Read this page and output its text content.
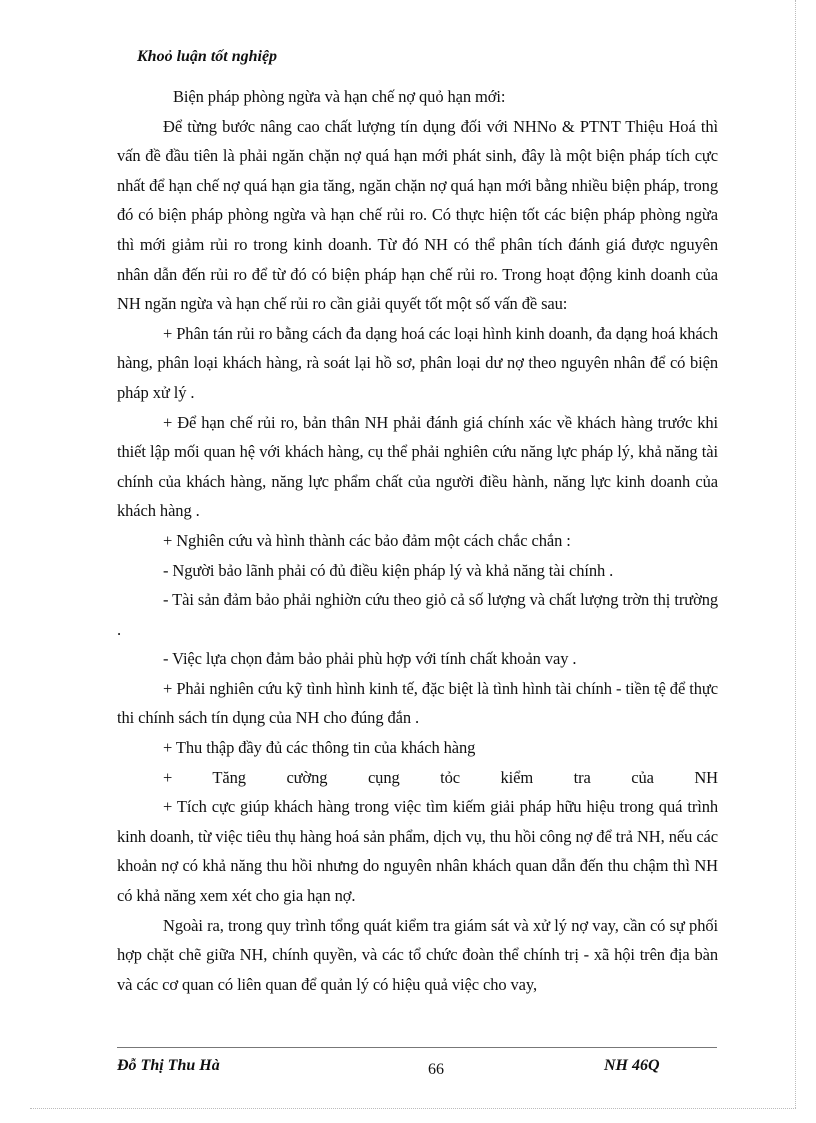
Khoỏ luận tốt nghiệp

Biện pháp phòng ngừa và hạn chế nợ quỏ hạn mới:

Để từng bước nâng cao chất lượng tín dụng đối với NHNo & PTNT Thiệu Hoá thì vấn đề đầu tiên là phải ngăn chặn nợ quá hạn mới phát sinh, đây là một biện pháp tích cực nhất để hạn chế nợ quá hạn gia tăng, ngăn chặn nợ quá hạn mới bằng nhiều biện pháp, trong đó có biện pháp phòng ngừa và hạn chế rủi ro. Có thực hiện tốt các biện pháp phòng ngừa thì mới giảm rủi ro trong kinh doanh. Từ đó NH có thể phân tích đánh giá được nguyên nhân dẫn đến rủi ro để từ đó có biện pháp hạn chế rủi ro. Trong hoạt động kinh doanh của NH ngăn ngừa và hạn chế rủi ro cần giải quyết tốt một số vấn đề sau:

+ Phân tán rủi ro bằng cách đa dạng hoá các loại hình kinh doanh, đa dạng hoá khách hàng, phân loại khách hàng, rà soát lại hồ sơ, phân loại dư nợ theo nguyên nhân để có biện pháp xử lý .

+ Để hạn chế rủi ro, bản thân NH phải đánh giá chính xác về khách hàng trước khi thiết lập mối quan hệ với khách hàng, cụ thể phải nghiên cứu năng lực pháp lý, khả năng tài chính của khách hàng, năng lực phẩm chất của người điều hành, năng lực kinh doanh của khách hàng .

+ Nghiên cứu và hình thành các bảo đảm một cách chắc chắn :

- Người bảo lãnh phải có đủ điều kiện pháp lý và khả năng tài chính .

- Tài sản đảm bảo phải nghiờn cứu theo giỏ cả số lượng và chất lượng trờn thị trường .

- Việc lựa chọn đảm bảo phải phù hợp với tính chất khoản vay .

+ Phải nghiên cứu kỹ tình hình kinh tế, đặc biệt là tình hình tài chính - tiền tệ để thực thi chính sách tín dụng của NH cho đúng đắn .

+ Thu thập đầy đủ các thông tin của khách hàng

+ Tăng cường cụng tỏc kiểm tra của NH

+ Tích cực giúp khách hàng trong việc tìm kiếm giải pháp hữu hiệu trong quá trình kinh doanh, từ việc tiêu thụ hàng hoá sản phẩm, dịch vụ, thu hồi công nợ để trả NH, nếu các khoản nợ có khả năng thu hồi nhưng do nguyên nhân khách quan dẫn đến thu chậm thì NH có khả năng xem xét cho gia hạn nợ.

Ngoài ra, trong quy trình tổng quát kiểm tra giám sát và xử lý nợ vay, cần có sự phối hợp chặt chẽ giữa NH, chính quyền, và các tổ chức đoàn thể chính trị - xã hội trên địa bàn và các cơ quan có liên quan để quản lý có hiệu quả việc cho vay,

Đỗ Thị Thu Hà	66	NH 46Q
